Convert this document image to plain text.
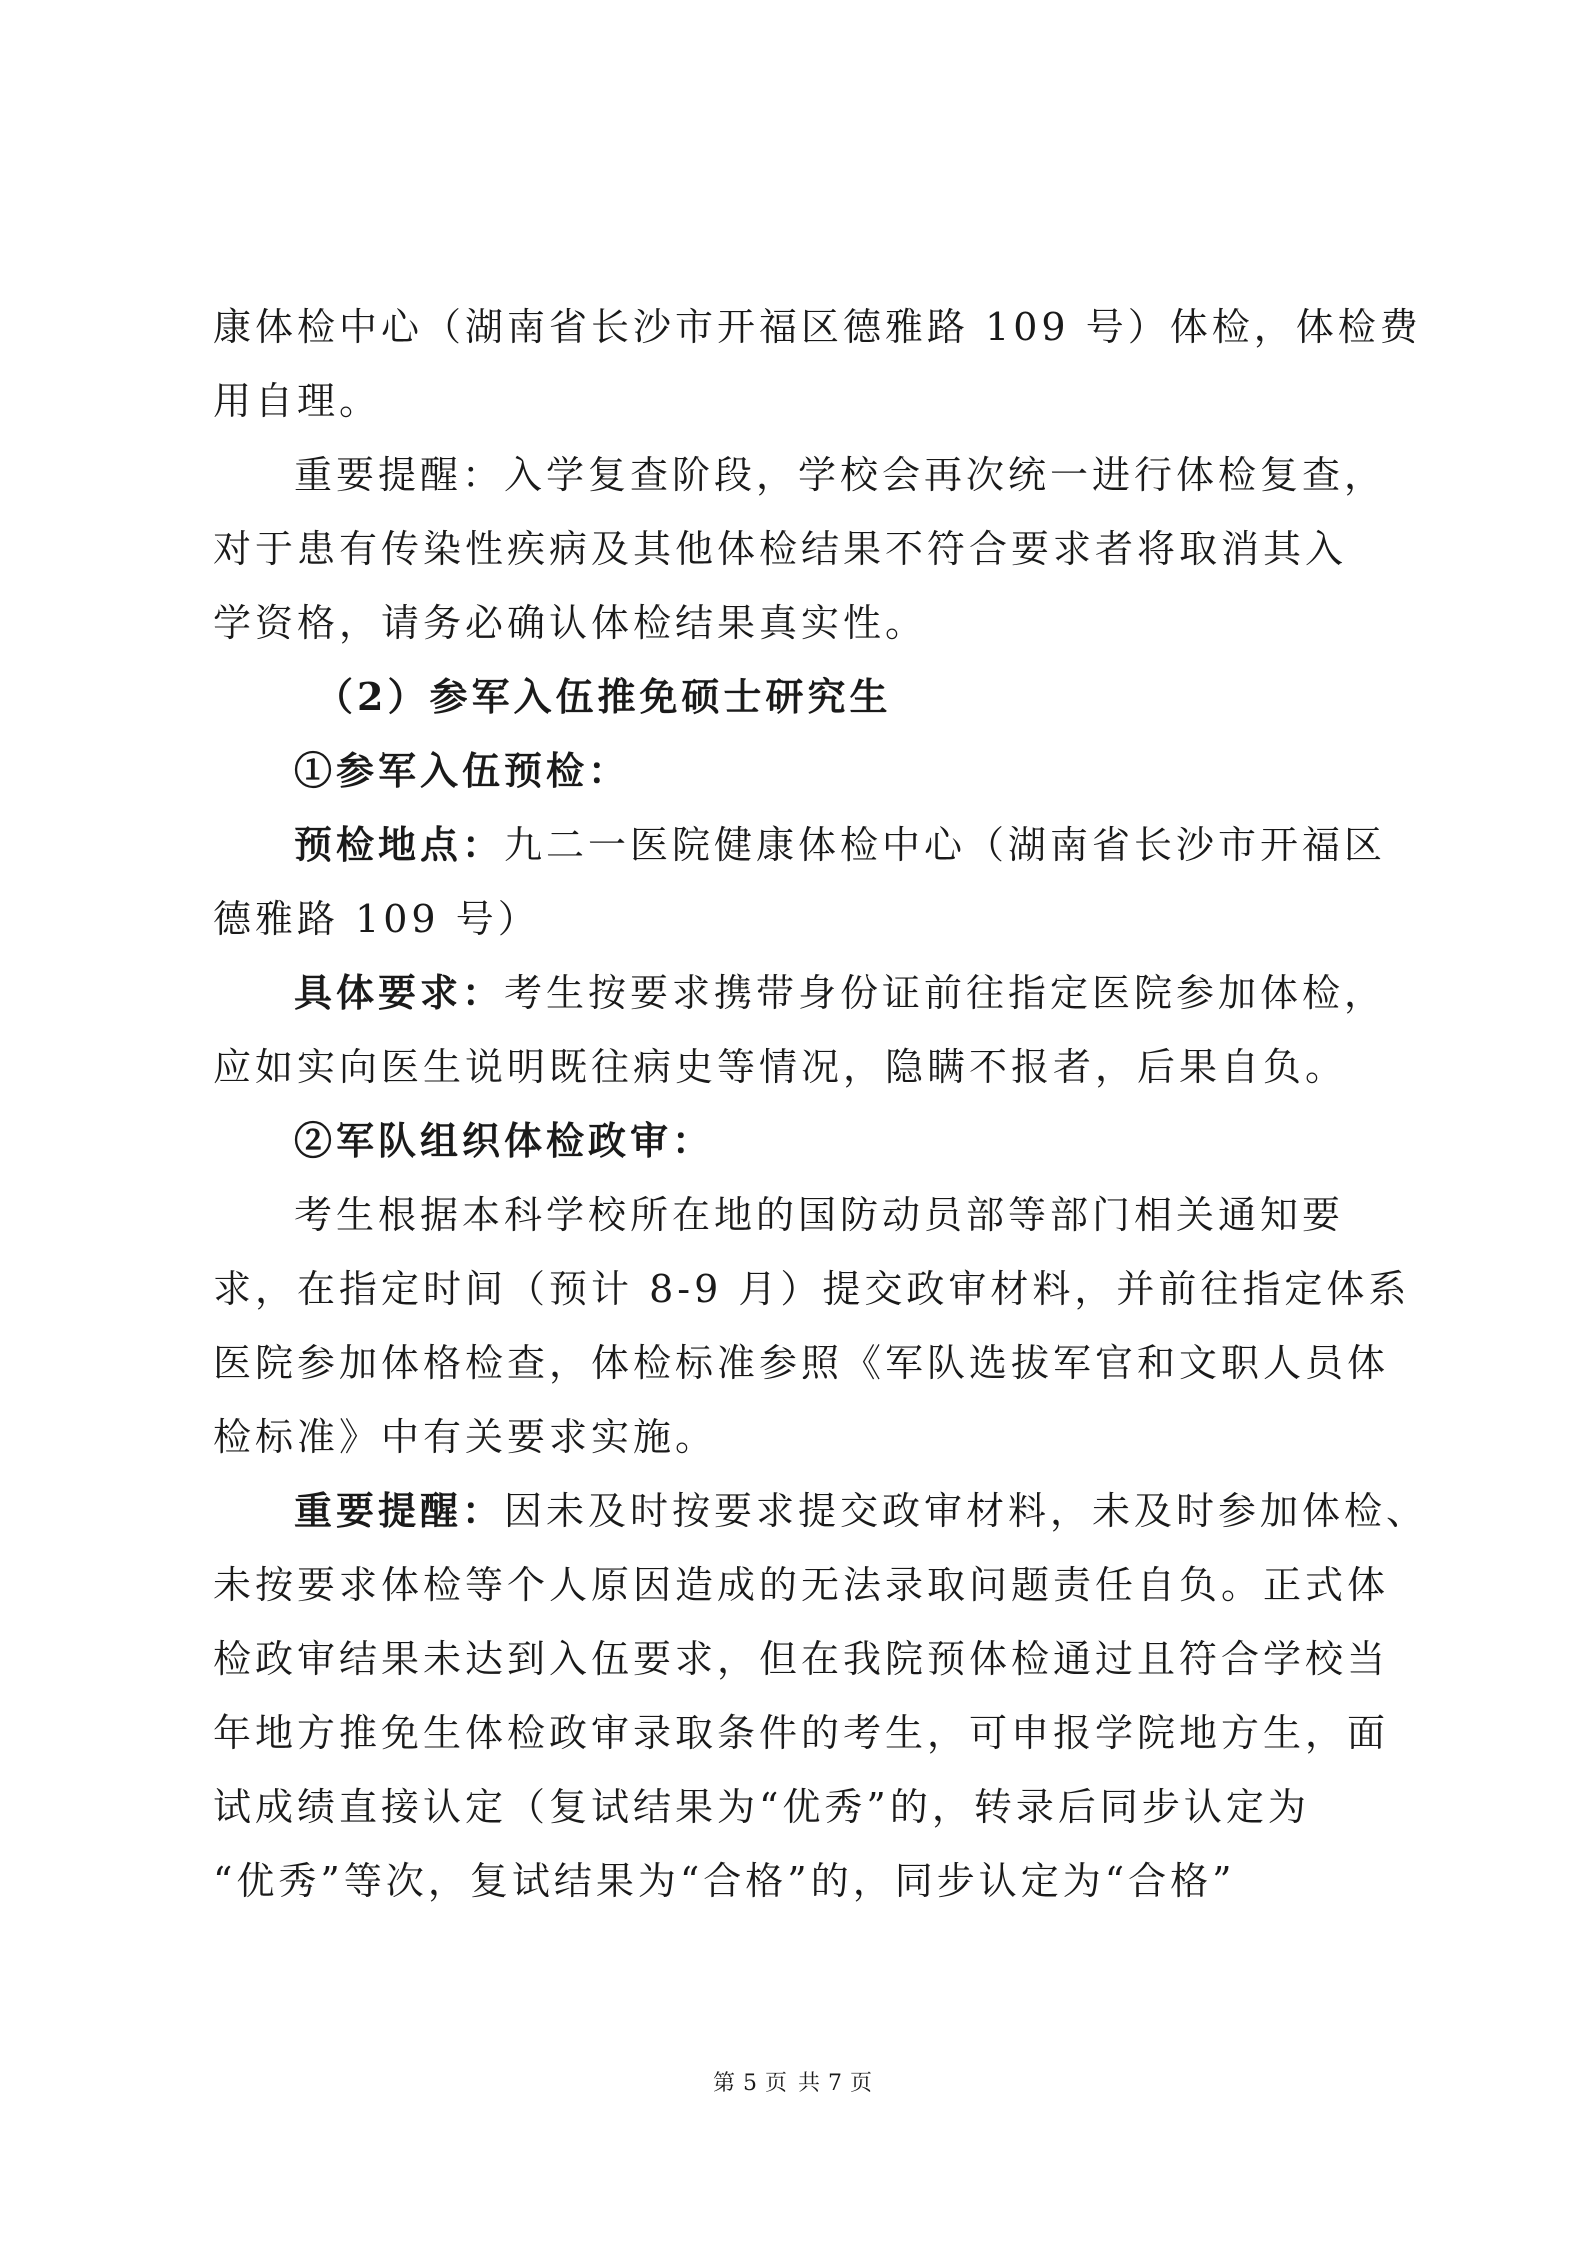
康体检中心（湖南省长沙市开福区德雅路 109 号）体检，体检费
用自理。
重要提醒：入学复查阶段，学校会再次统一进行体检复查，
对于患有传染性疾病及其他体检结果不符合要求者将取消其入
学资格，请务必确认体检结果真实性。
（2）参军入伍推免硕士研究生
①参军入伍预检：
预检地点：九二一医院健康体检中心（湖南省长沙市开福区
德雅路 109 号）
具体要求：考生按要求携带身份证前往指定医院参加体检，
应如实向医生说明既往病史等情况，隐瞒不报者，后果自负。
②军队组织体检政审：
考生根据本科学校所在地的国防动员部等部门相关通知要
求，在指定时间（预计 8-9 月）提交政审材料，并前往指定体系
医院参加体格检查，体检标准参照《军队选拔军官和文职人员体
检标准》中有关要求实施。
重要提醒：因未及时按要求提交政审材料，未及时参加体检、
未按要求体检等个人原因造成的无法录取问题责任自负。正式体
检政审结果未达到入伍要求，但在我院预体检通过且符合学校当
年地方推免生体检政审录取条件的考生，可申报学院地方生，面
试成绩直接认定（复试结果为“优秀”的，转录后同步认定为
“优秀”等次，复试结果为“合格”的，同步认定为“合格”
第 5 页 共 7 页
